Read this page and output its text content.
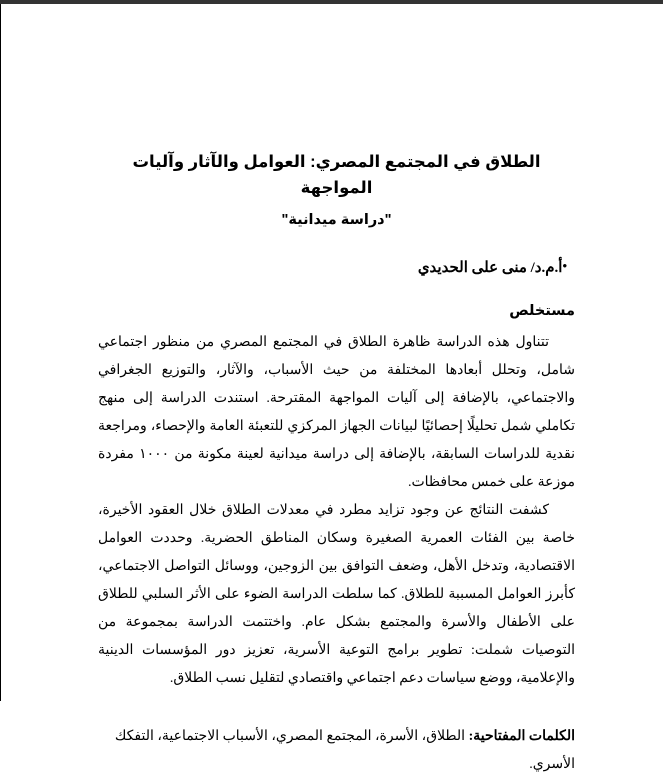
الطلاق في المجتمع المصري: العوامل والآثار وآليات المواجهة
"دراسة ميدانية"

•أ.م.د/ منى على الحديدي

مستخلص

تتناول هذه الدراسة ظاهرة الطلاق في المجتمع المصري من منظور اجتماعي شامل، وتحلل أبعادها المختلفة من حيث الأسباب، والآثار، والتوزيع الجغرافي والاجتماعي، بالإضافة إلى آليات المواجهة المقترحة. استندت الدراسة إلى منهج تكاملي شمل تحليلًا إحصائيًا لبيانات الجهاز المركزي للتعبئة العامة والإحصاء، ومراجعة نقدية للدراسات السابقة، بالإضافة إلى دراسة ميدانية لعينة مكونة من ١٠٠٠ مفردة موزعة على خمس محافظات.

كشفت النتائج عن وجود تزايد مطرد في معدلات الطلاق خلال العقود الأخيرة، خاصة بين الفئات العمرية الصغيرة وسكان المناطق الحضرية. وحددت العوامل الاقتصادية، وتدخل الأهل، وضعف التوافق بين الزوجين، ووسائل التواصل الاجتماعي، كأبرز العوامل المسببة للطلاق. كما سلطت الدراسة الضوء على الأثر السلبي للطلاق على الأطفال والأسرة والمجتمع بشكل عام. واختتمت الدراسة بمجموعة من التوصيات شملت: تطوير برامج التوعية الأسرية، تعزيز دور المؤسسات الدينية والإعلامية، ووضع سياسات دعم اجتماعي واقتصادي لتقليل نسب الطلاق.

الكلمات المفتاحية: الطلاق، الأسرة، المجتمع المصري، الأسباب الاجتماعية، التفكك الأسري.
